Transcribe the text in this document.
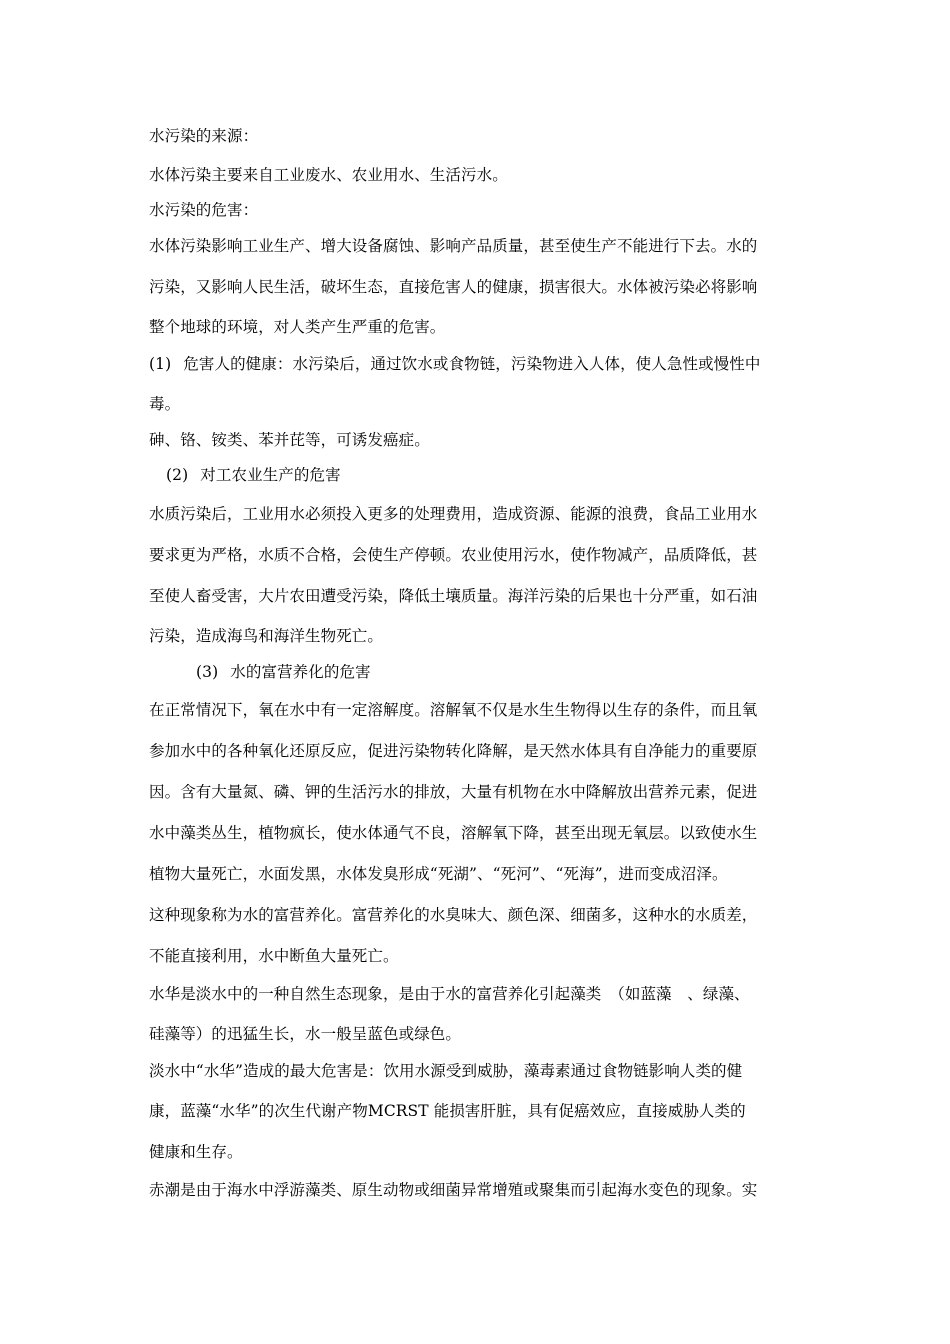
水污染的来源：
水体污染主要来自工业废水、农业用水、生活污水。
水污染的危害：
水体污染影响工业生产、增大设备腐蚀、影响产品质量，甚至使生产不能进行下去。水的
污染，又影响人民生活，破坏生态，直接危害人的健康，损害很大。水体被污染必将影响
整个地球的环境，对人类产生严重的危害。
(1) 危害人的健康：水污染后，通过饮水或食物链，污染物进入人体，使人急性或慢性中
毒。
砷、铬、铵类、苯并芘等，可诱发癌症。
(2) 对工农业生产的危害
水质污染后，工业用水必须投入更多的处理费用，造成资源、能源的浪费，食品工业用水
要求更为严格，水质不合格，会使生产停顿。农业使用污水，使作物减产，品质降低，甚
至使人畜受害，大片农田遭受污染，降低土壤质量。海洋污染的后果也十分严重，如石油
污染，造成海鸟和海洋生物死亡。
(3) 水的富营养化的危害
在正常情况下，氧在水中有一定溶解度。溶解氧不仅是水生生物得以生存的条件，而且氧
参加水中的各种氧化还原反应，促进污染物转化降解，是天然水体具有自净能力的重要原
因。含有大量氮、磷、钾的生活污水的排放，大量有机物在水中降解放出营养元素，促进
水中藻类丛生，植物疯长，使水体通气不良，溶解氧下降，甚至出现无氧层。以致使水生
植物大量死亡，水面发黑，水体发臭形成“死湖”、“死河”、“死海”，进而变成沼泽。
这种现象称为水的富营养化。富营养化的水臭味大、颜色深、细菌多，这种水的水质差，
不能直接利用，水中断鱼大量死亡。
水华是淡水中的一种自然生态现象，是由于水的富营养化引起藻类　（如蓝藻　、绿藻、
硅藻等）的迅猛生长，水一般呈蓝色或绿色。
淡水中“水华”造成的最大危害是：饮用水源受到威胁，藻毒素通过食物链影响人类的健
康，蓝藻“水华”的次生代谢产物MCRST 能损害肝脏，具有促癌效应，直接威胁人类的
健康和生存。
赤潮是由于海水中浮游藻类、原生动物或细菌异常增殖或聚集而引起海水变色的现象。实
